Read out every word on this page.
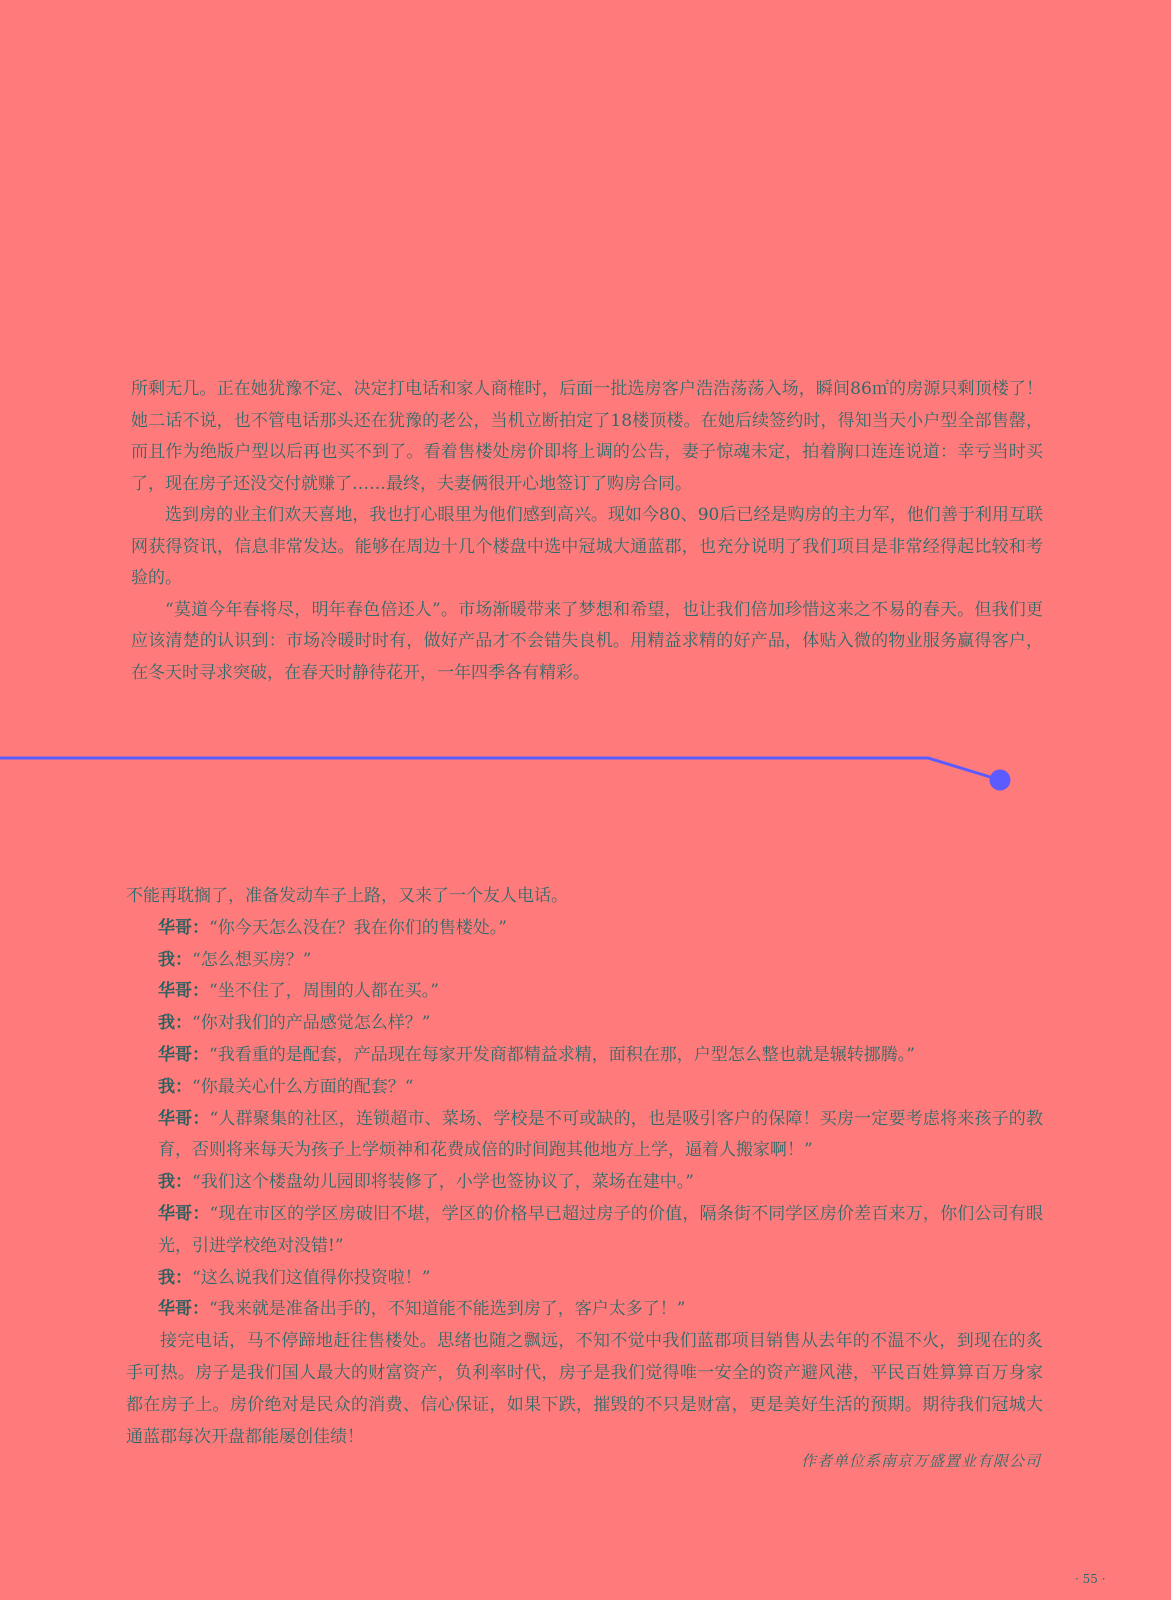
所剩无几。正在她犹豫不定、决定打电话和家人商榷时，后面一批选房客户浩浩荡荡入场，瞬间86㎡的房源只剩顶楼了！她二话不说，也不管电话那头还在犹豫的老公，当机立断拍定了18楼顶楼。在她后续签约时，得知当天小户型全部售罄，而且作为绝版户型以后再也买不到了。看着售楼处房价即将上调的公告，妻子惊魂未定，拍着胸口连连说道：幸亏当时买了，现在房子还没交付就赚了……最终，夫妻俩很开心地签订了购房合同。

选到房的业主们欢天喜地，我也打心眼里为他们感到高兴。现如今80、90后已经是购房的主力军，他们善于利用互联网获得资讯，信息非常发达。能够在周边十几个楼盘中选中冠城大通蓝郡，也充分说明了我们项目是非常经得起比较和考验的。

“莫道今年春将尽，明年春色倍还人”。市场渐暖带来了梦想和希望，也让我们倍加珍惜这来之不易的春天。但我们更应该清楚的认识到：市场冷暖时时有，做好产品才不会错失良机。用精益求精的好产品，体贴入微的物业服务赢得客户，在冬天时寻求突破，在春天时静待花开，一年四季各有精彩。

不能再耽搁了，准备发动车子上路，又来了一个友人电话。

华哥：“你今天怎么没在？我在你们的售楼处。”

我：“怎么想买房？”

华哥：“坐不住了，周围的人都在买。”

我：“你对我们的产品感觉怎么样？”

华哥：“我看重的是配套，产品现在每家开发商都精益求精，面积在那，户型怎么整也就是辗转挪腾。”

我：“你最关心什么方面的配套？“

华哥：“人群聚集的社区，连锁超市、菜场、学校是不可或缺的，也是吸引客户的保障！买房一定要考虑将来孩子的教育，否则将来每天为孩子上学烦神和花费成倍的时间跑其他地方上学，逼着人搬家啊！”

我：“我们这个楼盘幼儿园即将装修了，小学也签协议了，菜场在建中。”

华哥：“现在市区的学区房破旧不堪，学区的价格早已超过房子的价值，隔条街不同学区房价差百来万，你们公司有眼光，引进学校绝对没错!”

我：“这么说我们这值得你投资啦！”

华哥：“我来就是准备出手的，不知道能不能选到房了，客户太多了！”

接完电话，马不停蹄地赶往售楼处。思绪也随之飘远，不知不觉中我们蓝郡项目销售从去年的不温不火，到现在的炙手可热。房子是我们国人最大的财富资产，负利率时代，房子是我们觉得唯一安全的资产避风港，平民百姓算算百万身家都在房子上。房价绝对是民众的消费、信心保证，如果下跌，摧毁的不只是财富，更是美好生活的预期。期待我们冠城大通蓝郡每次开盘都能屡创佳绩！

作者单位系南京万盛置业有限公司
· 55 ·
